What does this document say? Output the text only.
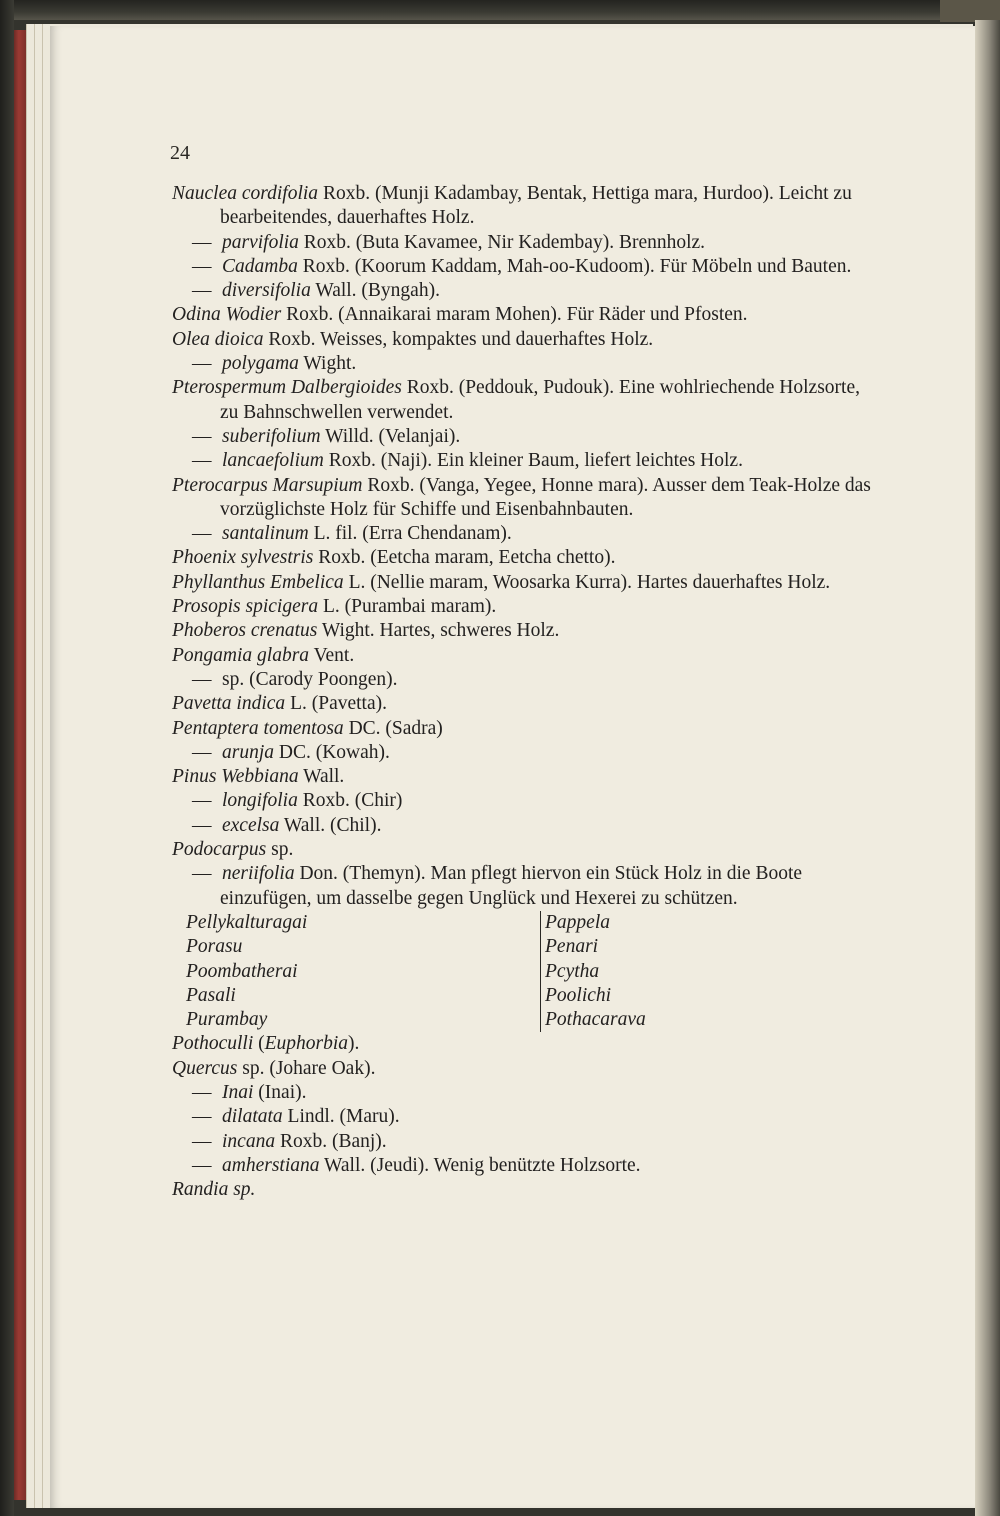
24
Nauclea cordifolia Roxb. (Munji Kadambay, Bentak, Hettiga mara, Hurdoo). Leicht zu bearbeitendes, dauerhaftes Holz.
— parvifolia Roxb. (Buta Kavamee, Nir Kadembay). Brennholz.
— Cadamba Roxb. (Koorum Kaddam, Mah-oo-Kudoom). Für Möbeln und Bauten.
— diversifolia Wall. (Byngah).
Odina Wodier Roxb. (Annaikarai maram Mohen). Für Räder und Pfosten.
Olea dioica Roxb. Weisses, kompaktes und dauerhaftes Holz.
— polygama Wight.
Pterospermum Dalbergioides Roxb. (Peddouk, Pudouk). Eine wohlriechende Holzsorte, zu Bahnschwellen verwendet.
— suberifolium Willd. (Velanjai).
— lancaefolium Roxb. (Naji). Ein kleiner Baum, liefert leichtes Holz.
Pterocarpus Marsupium Roxb. (Vanga, Yegee, Honne mara). Ausser dem Teak-Holze das vorzüglichste Holz für Schiffe und Eisenbahnbauten.
— santalinum L. fil. (Erra Chendanam).
Phoenix sylvestris Roxb. (Eetcha maram, Eetcha chetto).
Phyllanthus Embelica L. (Nellie maram, Woosarka Kurra). Hartes dauerhaftes Holz.
Prosopis spicigera L. (Purambai maram).
Phoberos crenatus Wight. Hartes, schweres Holz.
Pongamia glabra Vent.
— sp. (Carody Poongen).
Pavetta indica L. (Pavetta).
Pentaptera tomentosa DC. (Sadra)
— arunja DC. (Kowah).
Pinus Webbiana Wall.
— longifolia Roxb. (Chir)
— excelsa Wall. (Chil).
Podocarpus sp.
— neriifolia Don. (Themyn). Man pflegt hiervon ein Stück Holz in die Boote einzufügen, um dasselbe gegen Unglück und Hexerei zu schützen.
Pellykalturagai
Porasu
Poombatherai
Pasali
Purambay
Pappela
Penari
Pcytha
Poolichi
Pothacarava
Pothoculli (Euphorbia).
Quercus sp. (Johare Oak).
— Inai (Inai).
— dilatata Lindl. (Maru).
— incana Roxb. (Banj).
— amherstiana Wall. (Jeudi). Wenig benützte Holzsorte.
Randia sp.
